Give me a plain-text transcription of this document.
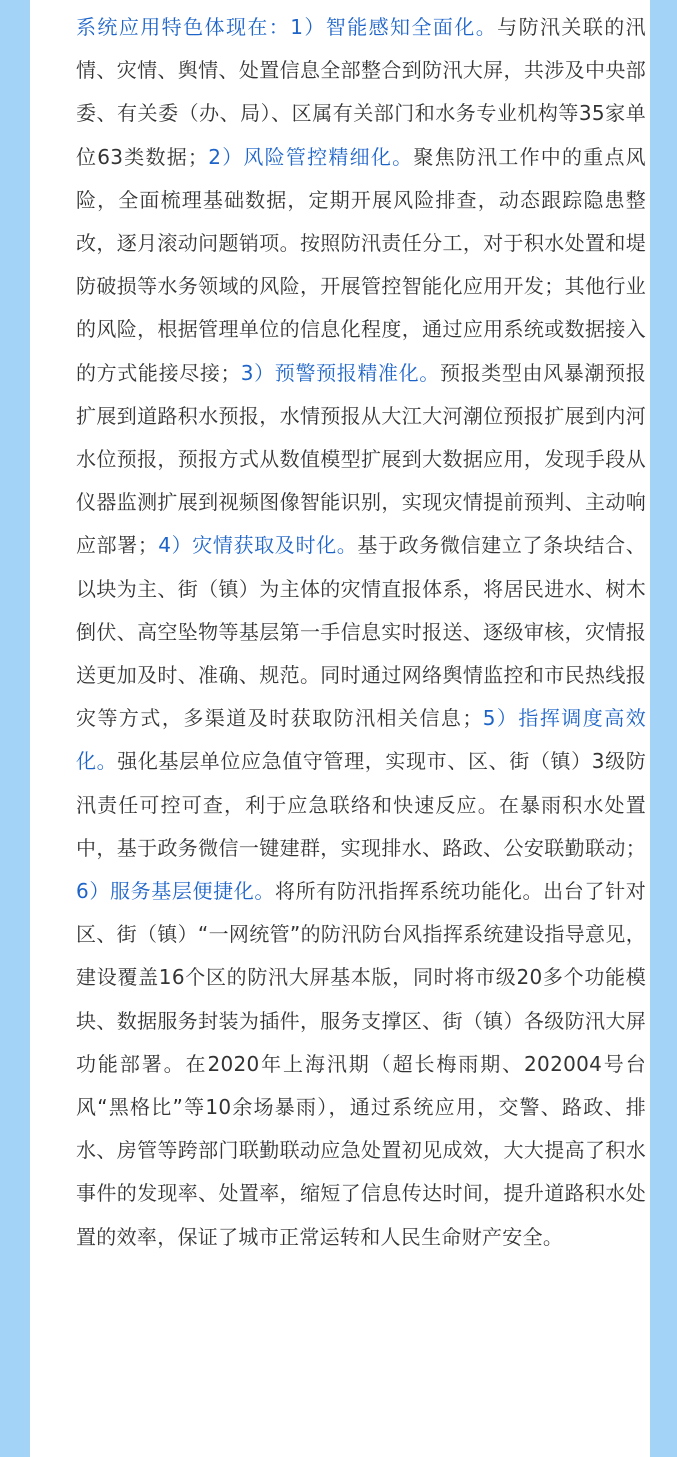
系统应用特色体现在：1）智能感知全面化。与防汛关联的汛情、灾情、舆情、处置信息全部整合到防汛大屏，共涉及中央部委、有关委（办、局）、区属有关部门和水务专业机构等35家单位63类数据；2）风险管控精细化。聚焦防汛工作中的重点风险，全面梳理基础数据，定期开展风险排查，动态跟踪隐患整改，逐月滚动问题销项。按照防汛责任分工，对于积水处置和堤防破损等水务领域的风险，开展管控智能化应用开发；其他行业的风险，根据管理单位的信息化程度，通过应用系统或数据接入的方式能接尽接；3）预警预报精准化。预报类型由风暴潮预报扩展到道路积水预报，水情预报从大江大河潮位预报扩展到内河水位预报，预报方式从数值模型扩展到大数据应用，发现手段从仪器监测扩展到视频图像智能识别，实现灾情提前预判、主动响应部署；4）灾情获取及时化。基于政务微信建立了条块结合、以块为主、街（镇）为主体的灾情直报体系，将居民进水、树木倒伏、高空坠物等基层第一手信息实时报送、逐级审核，灾情报送更加及时、准确、规范。同时通过网络舆情监控和市民热线报灾等方式，多渠道及时获取防汛相关信息；5）指挥调度高效化。强化基层单位应急值守管理，实现市、区、街（镇）3级防汛责任可控可查，利于应急联络和快速反应。在暴雨积水处置中，基于政务微信一键建群，实现排水、路政、公安联勤联动；6）服务基层便捷化。将所有防汛指挥系统功能化。出台了针对区、街（镇）“一网统管”的防汛防台风指挥系统建设指导意见，建设覆盖16个区的防汛大屏基本版，同时将市级20多个功能模块、数据服务封装为插件，服务支撑区、街（镇）各级防汛大屏功能部署。在2020年上海汛期（超长梅雨期、202004号台风“黑格比”等10余场暴雨），通过系统应用，交警、路政、排水、房管等跨部门联勤联动应急处置初见成效，大大提高了积水事件的发现率、处置率，缩短了信息传达时间，提升道路积水处置的效率，保证了城市正常运转和人民生命财产安全。
